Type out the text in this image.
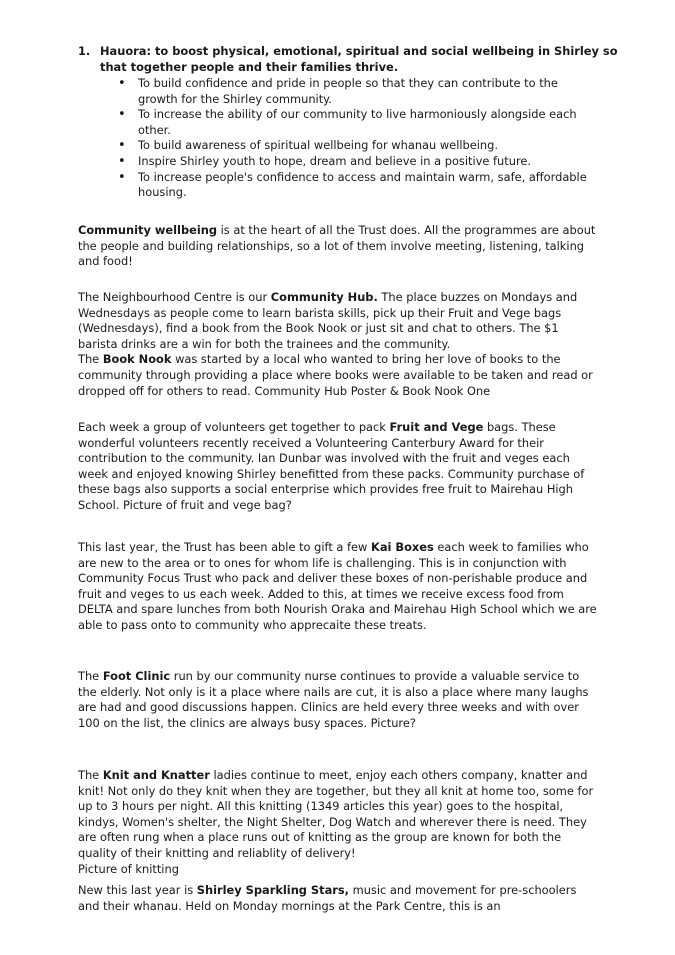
1. Hauora: to boost physical, emotional, spiritual and social wellbeing in Shirley so that together people and their families thrive.
• To build confidence and pride in people so that they can contribute to the growth for the Shirley community.
• To increase the ability of our community to live harmoniously alongside each other.
• To build awareness of spiritual wellbeing for whanau wellbeing.
• Inspire Shirley youth to hope, dream and believe in a positive future.
• To increase people's confidence to access and maintain warm, safe, affordable housing.

Community wellbeing is at the heart of all the Trust does. All the programmes are about the people and building relationships, so a lot of them involve meeting, listening, talking and food!

The Neighbourhood Centre is our Community Hub. The place buzzes on Mondays and Wednesdays as people come to learn barista skills, pick up their Fruit and Vege bags (Wednesdays), find a book from the Book Nook or just sit and chat to others. The $1 barista drinks are a win for both the trainees and the community.
The Book Nook was started by a local who wanted to bring her love of books to the community through providing a place where books were available to be taken and read or dropped off for others to read. Community Hub Poster & Book Nook One

Each week a group of volunteers get together to pack Fruit and Vege bags. These wonderful volunteers recently received a Volunteering Canterbury Award for their contribution to the community. Ian Dunbar was involved with the fruit and veges each week and enjoyed knowing Shirley benefitted from these packs. Community purchase of these bags also supports a social enterprise which provides free fruit to Mairehau High School. Picture of fruit and vege bag?

This last year, the Trust has been able to gift a few Kai Boxes each week to families who are new to the area or to ones for whom life is challenging. This is in conjunction with Community Focus Trust who pack and deliver these boxes of non-perishable produce and fruit and veges to us each week. Added to this, at times we receive excess food from DELTA and spare lunches from both Nourish Oraka and Mairehau High School which we are able to pass onto to community who apprecaite these treats.

The Foot Clinic run by our community nurse continues to provide a valuable service to the elderly. Not only is it a place where nails are cut, it is also a place where many laughs are had and good discussions happen. Clinics are held every three weeks and with over 100 on the list, the clinics are always busy spaces. Picture?

The Knit and Knatter ladies continue to meet, enjoy each others company, knatter and knit! Not only do they knit when they are together, but they all knit at home too, some for up to 3 hours per night. All this knitting (1349 articles this year) goes to the hospital, kindys, Women's shelter, the Night Shelter, Dog Watch and wherever there is need. They are often rung when a place runs out of knitting as the group are known for both the quality of their knitting and reliablity of delivery!
Picture of knitting

New this last year is Shirley Sparkling Stars, music and movement for pre-schoolers and their whanau. Held on Monday mornings at the Park Centre, this is an
